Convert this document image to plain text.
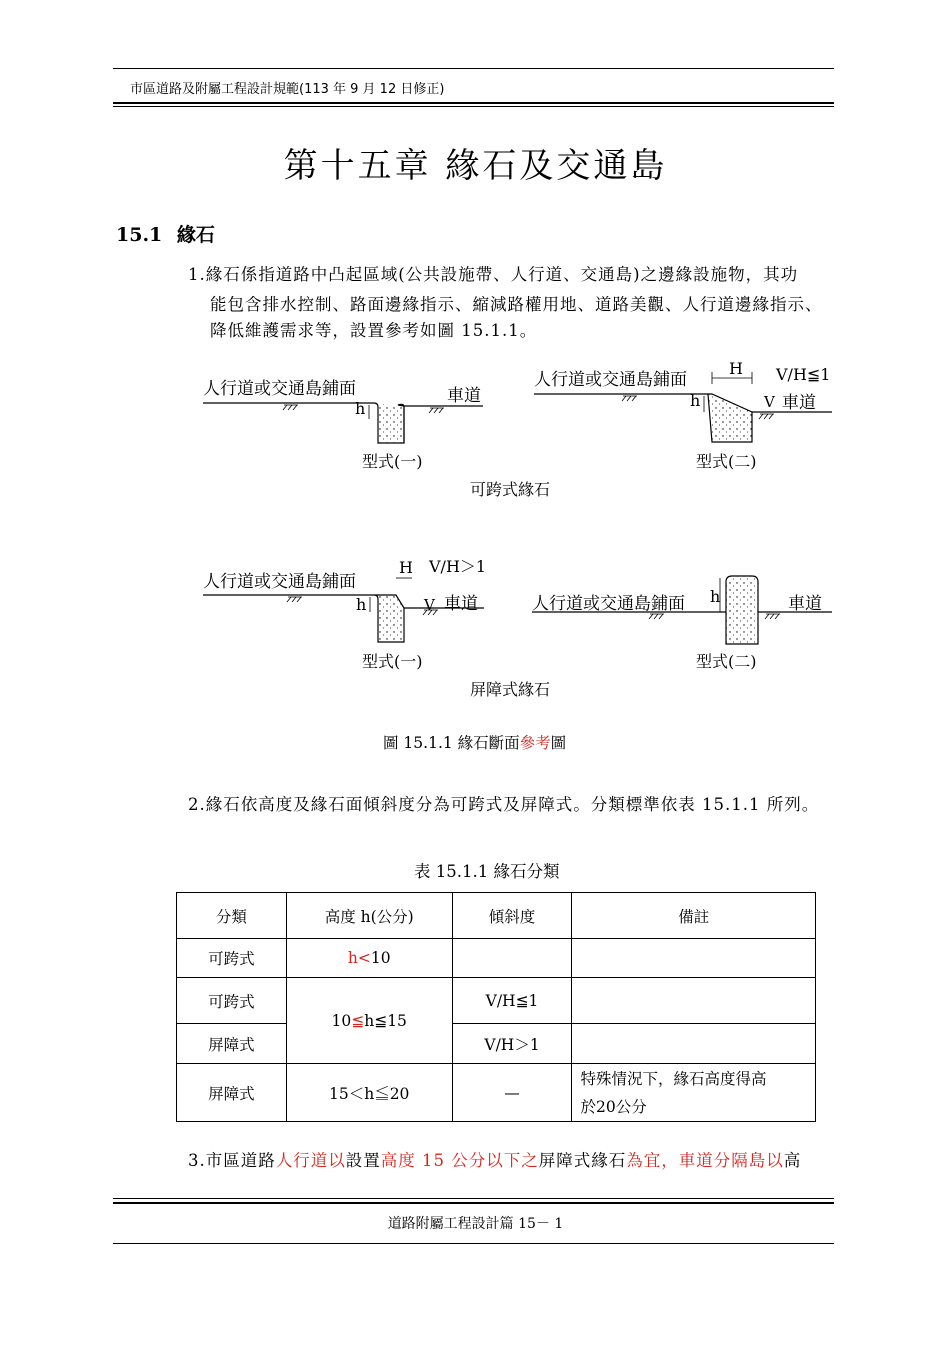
市區道路及附屬工程設計規範(113 年 9 月 12 日修正)
第十五章 緣石及交通島
15.1 緣石
1.緣石係指道路中凸起區域(公共設施帶、人行道、交通島)之邊緣設施物，其功
能包含排水控制、路面邊緣指示、縮減路權用地、道路美觀、人行道邊緣指示、
降低維護需求等，設置參考如圖 15.1.1。
人行道或交通島鋪面
h
車道
型式(一)
人行道或交通島鋪面
H V/H≦1
h	V 車道
型式(二)
可跨式緣石
人行道或交通島鋪面
H V/H＞1
h	V 車道
型式(一)
人行道或交通島鋪面 h	車道
型式(二)
屏障式緣石
圖 15.1.1 緣石斷面參考圖
2.緣石依高度及緣石面傾斜度分為可跨式及屏障式。分類標準依表 15.1.1 所列。
表 15.1.1 緣石分類
分類	高度 h(公分)	傾斜度	備註
可跨式	h<10		
可跨式	10≦h≦15	V/H≦1	
屏障式		V/H＞1	
屏障式	15＜h≦20	—	特殊情況下，緣石高度得高
於20公分
3.市區道路人行道以設置高度 15 公分以下之屏障式緣石為宜，車道分隔島以高
道路附屬工程設計篇 15－ 1
